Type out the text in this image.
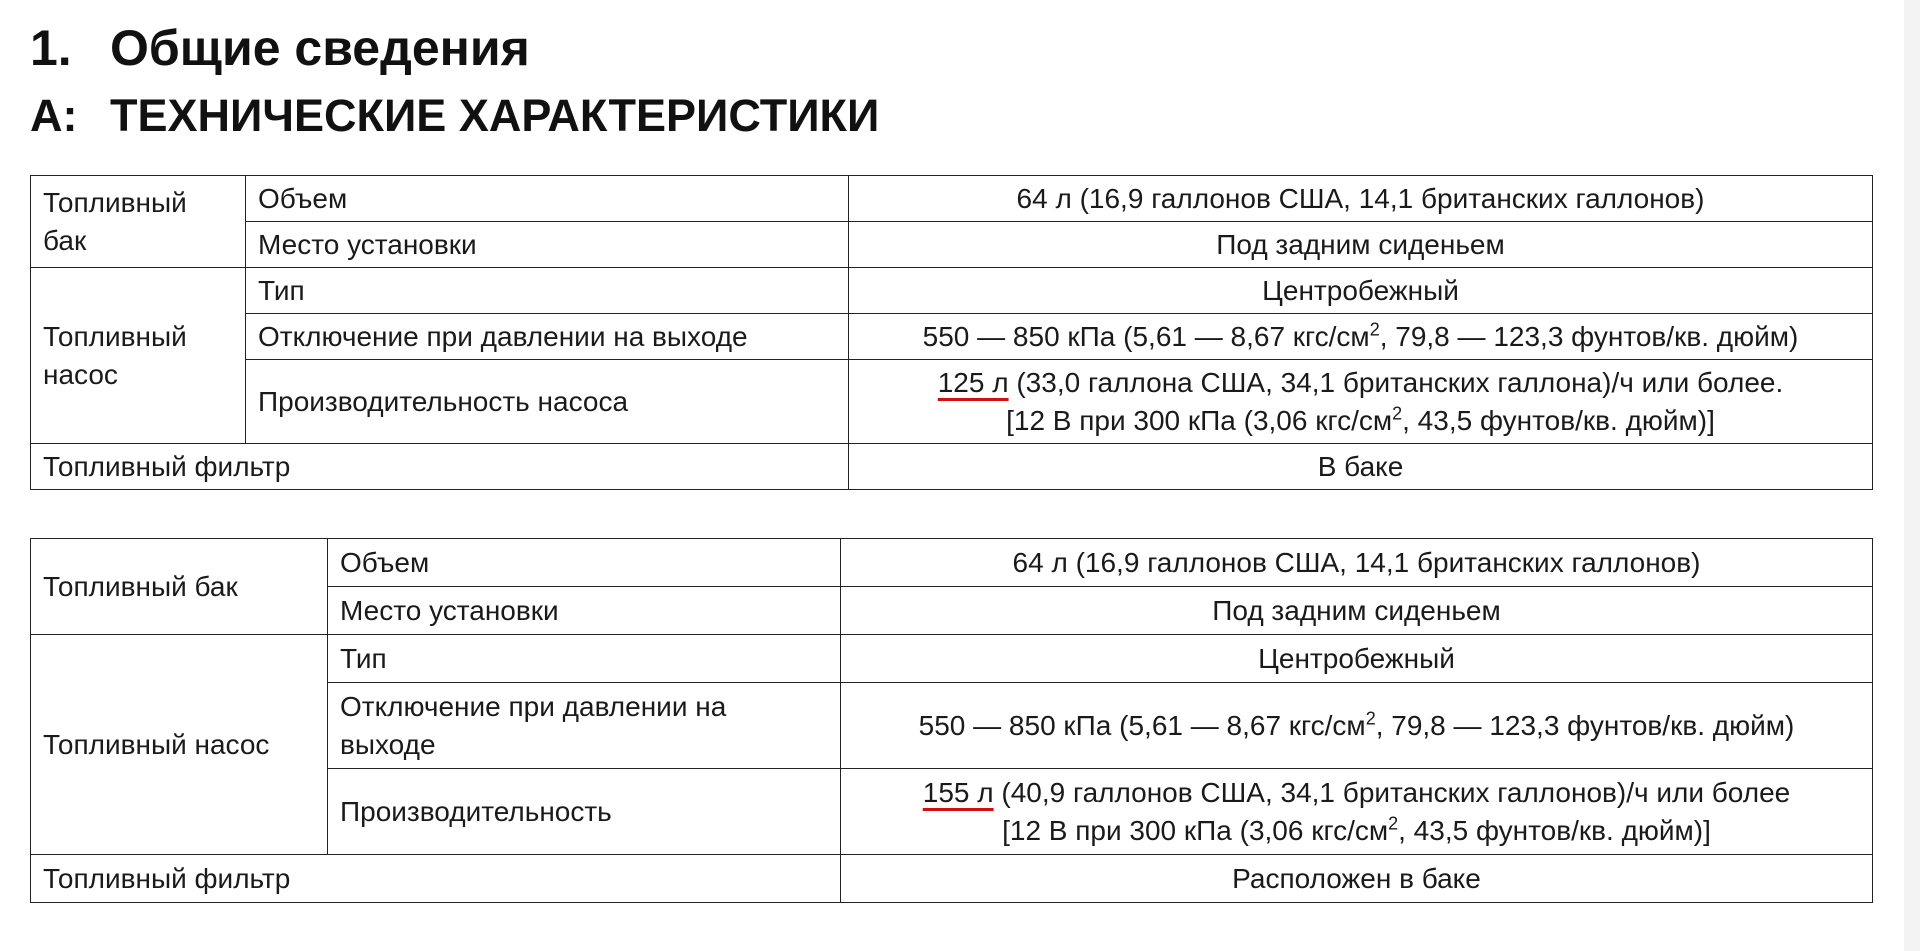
1. Общие сведения
A: ТЕХНИЧЕСКИЕ ХАРАКТЕРИСТИКИ
Топливный бак	Объем	64 л (16,9 галлонов США, 14,1 британских галлонов)
	Место установки	Под задним сиденьем
Топливный насос	Тип	Центробежный
	Отключение при давлении на выходе	550 — 850 кПа (5,61 — 8,67 кгс/$см^2$, 79,8 — 123,3 фунтов/кв. дюйм)
	Производительность насоса	125 л (33,0 галлона США, 34,1 британских галлона)/ч или более.
[12 В при 300 кПа (3,06 кгс/$см^2$, 43,5 фунтов/кв. дюйм)]
Топливный фильтр		В баке
Топливный бак	Объем	64 л (16,9 галлонов США, 14,1 британских галлонов)
	Место установки	Под задним сиденьем
Топливный насос	Тип	Центробежный
	Отключение при давлении на выходе	550 — 850 кПа (5,61 — 8,67 кгс/$см^2$, 79,8 — 123,3 фунтов/кв. дюйм)
	Производительность	155 л (40,9 галлонов США, 34,1 британских галлонов)/ч или более
[12 В при 300 кПа (3,06 кгс/$см^2$, 43,5 фунтов/кв. дюйм)]
Топливный фильтр		Расположен в баке
